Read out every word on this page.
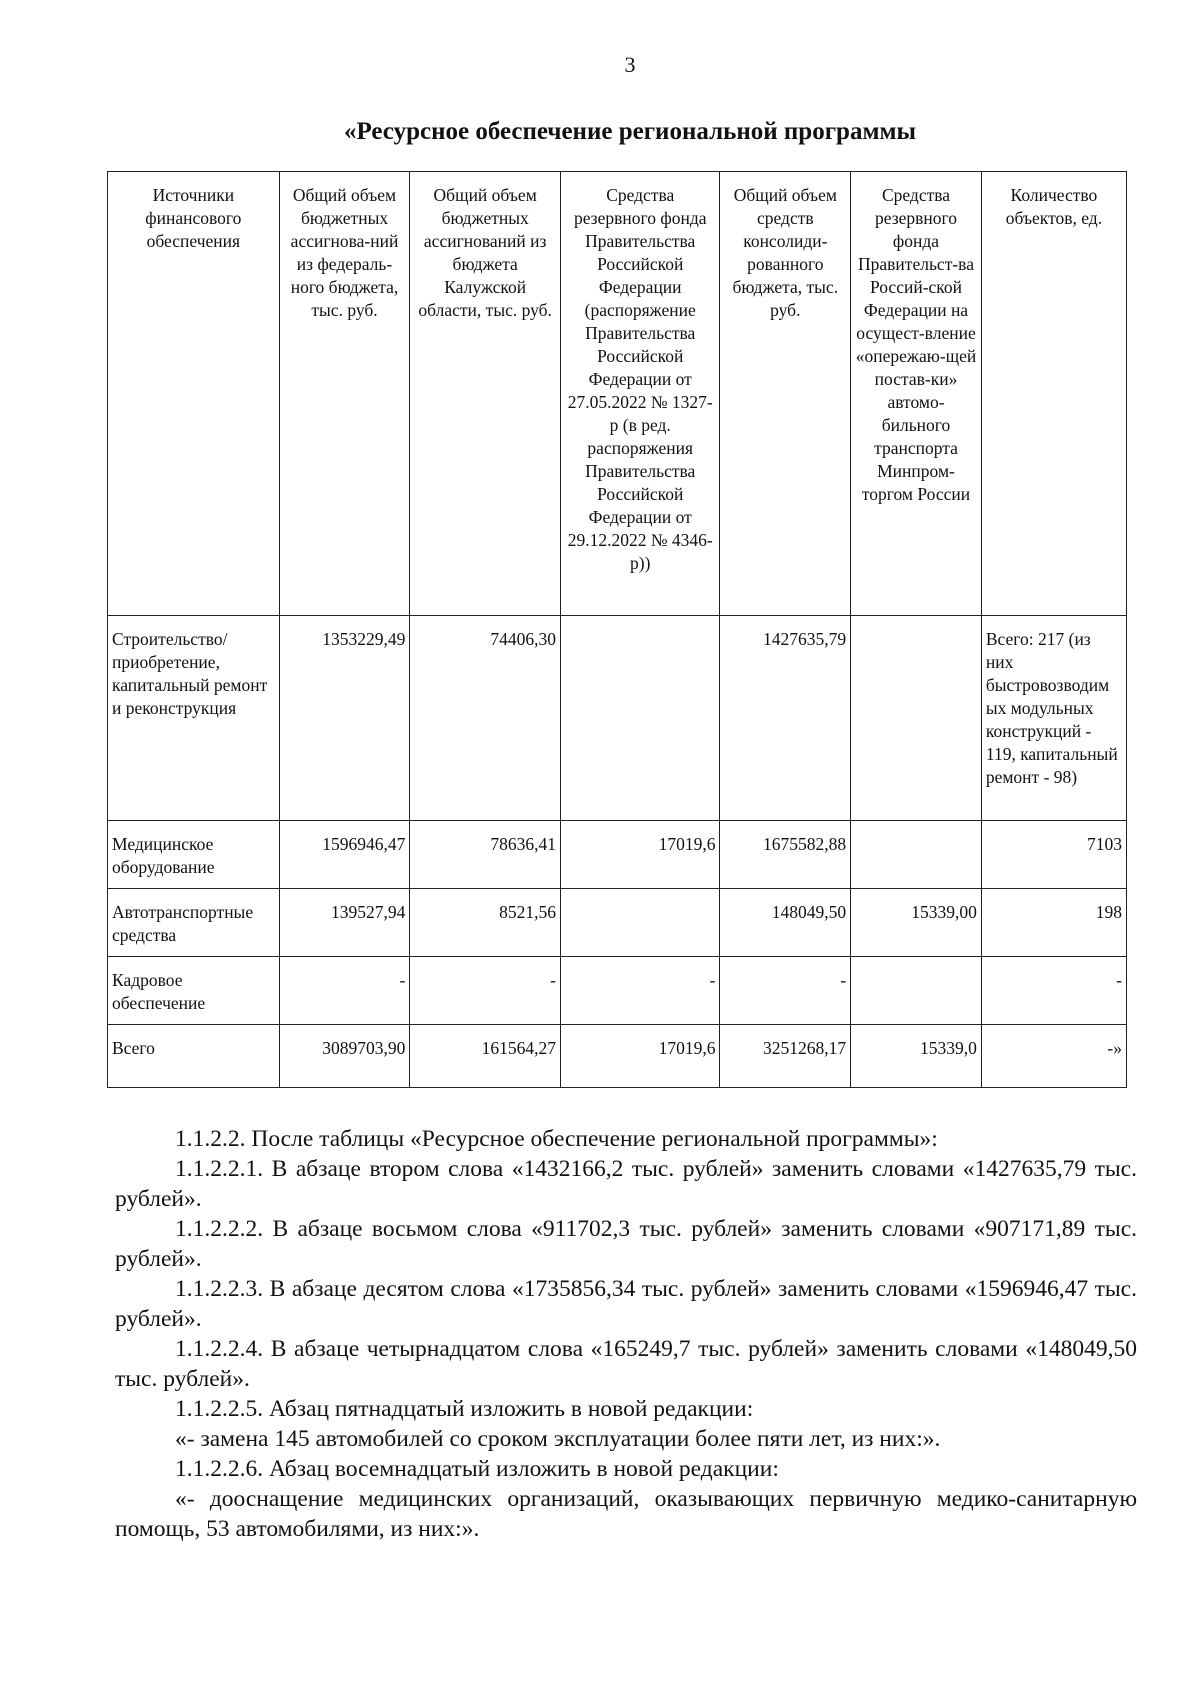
3
«Ресурсное обеспечение региональной программы
Источники финансового обеспечения	Общий объем бюджетных ассигнова-ний из федераль-ного бюджета, тыс. руб.	Общий объем бюджетных ассигнований из бюджета Калужской области, тыс. руб.	Средства резервного фонда Правительства Российской Федерации (распоряжение Правительства Российской Федерации от 27.05.2022 № 1327-р (в ред. распоряжения Правительства Российской Федерации от 29.12.2022 № 4346-р))	Общий объем средств консолиди-рованного бюджета, тыс. руб.	Средства резервного фонда Правительст-ва Россий-ской Федерации на осущест-вление «опережаю-щей постав-ки» автомо-бильного транспорта Минпром-торгом России	Количество объектов, ед.
Строительство/ приобретение, капитальный ремонт и реконструкция	1353229,49	74406,30		1427635,79		Всего: 217 (из них быстровозводим ых модульных конструкций - 119, капитальный ремонт - 98)
Медицинское оборудование	1596946,47	78636,41	17019,6	1675582,88		7103
Автотранспортные средства	139527,94	8521,56		148049,50	15339,00	198
Кадровое обеспечение	-	-	-	-		-
Всего	3089703,90	161564,27	17019,6	3251268,17	15339,0	-»

1.1.2.2. После таблицы «Ресурсное обеспечение региональной программы»:

1.1.2.2.1. В абзаце втором слова «1432166,2 тыс. рублей» заменить словами «1427635,79 тыс. рублей».

1.1.2.2.2. В абзаце восьмом слова «911702,3 тыс. рублей» заменить словами «907171,89 тыс. рублей».

1.1.2.2.3. В абзаце десятом слова «1735856,34 тыс. рублей» заменить словами «1596946,47 тыс. рублей».

1.1.2.2.4. В абзаце четырнадцатом слова «165249,7 тыс. рублей» заменить словами «148049,50 тыс. рублей».

1.1.2.2.5. Абзац пятнадцатый изложить в новой редакции:

«- замена 145 автомобилей со сроком эксплуатации более пяти лет, из них:».

1.1.2.2.6. Абзац восемнадцатый изложить в новой редакции:

«- дооснащение медицинских организаций, оказывающих первичную медико-санитарную помощь, 53 автомобилями, из них:».
